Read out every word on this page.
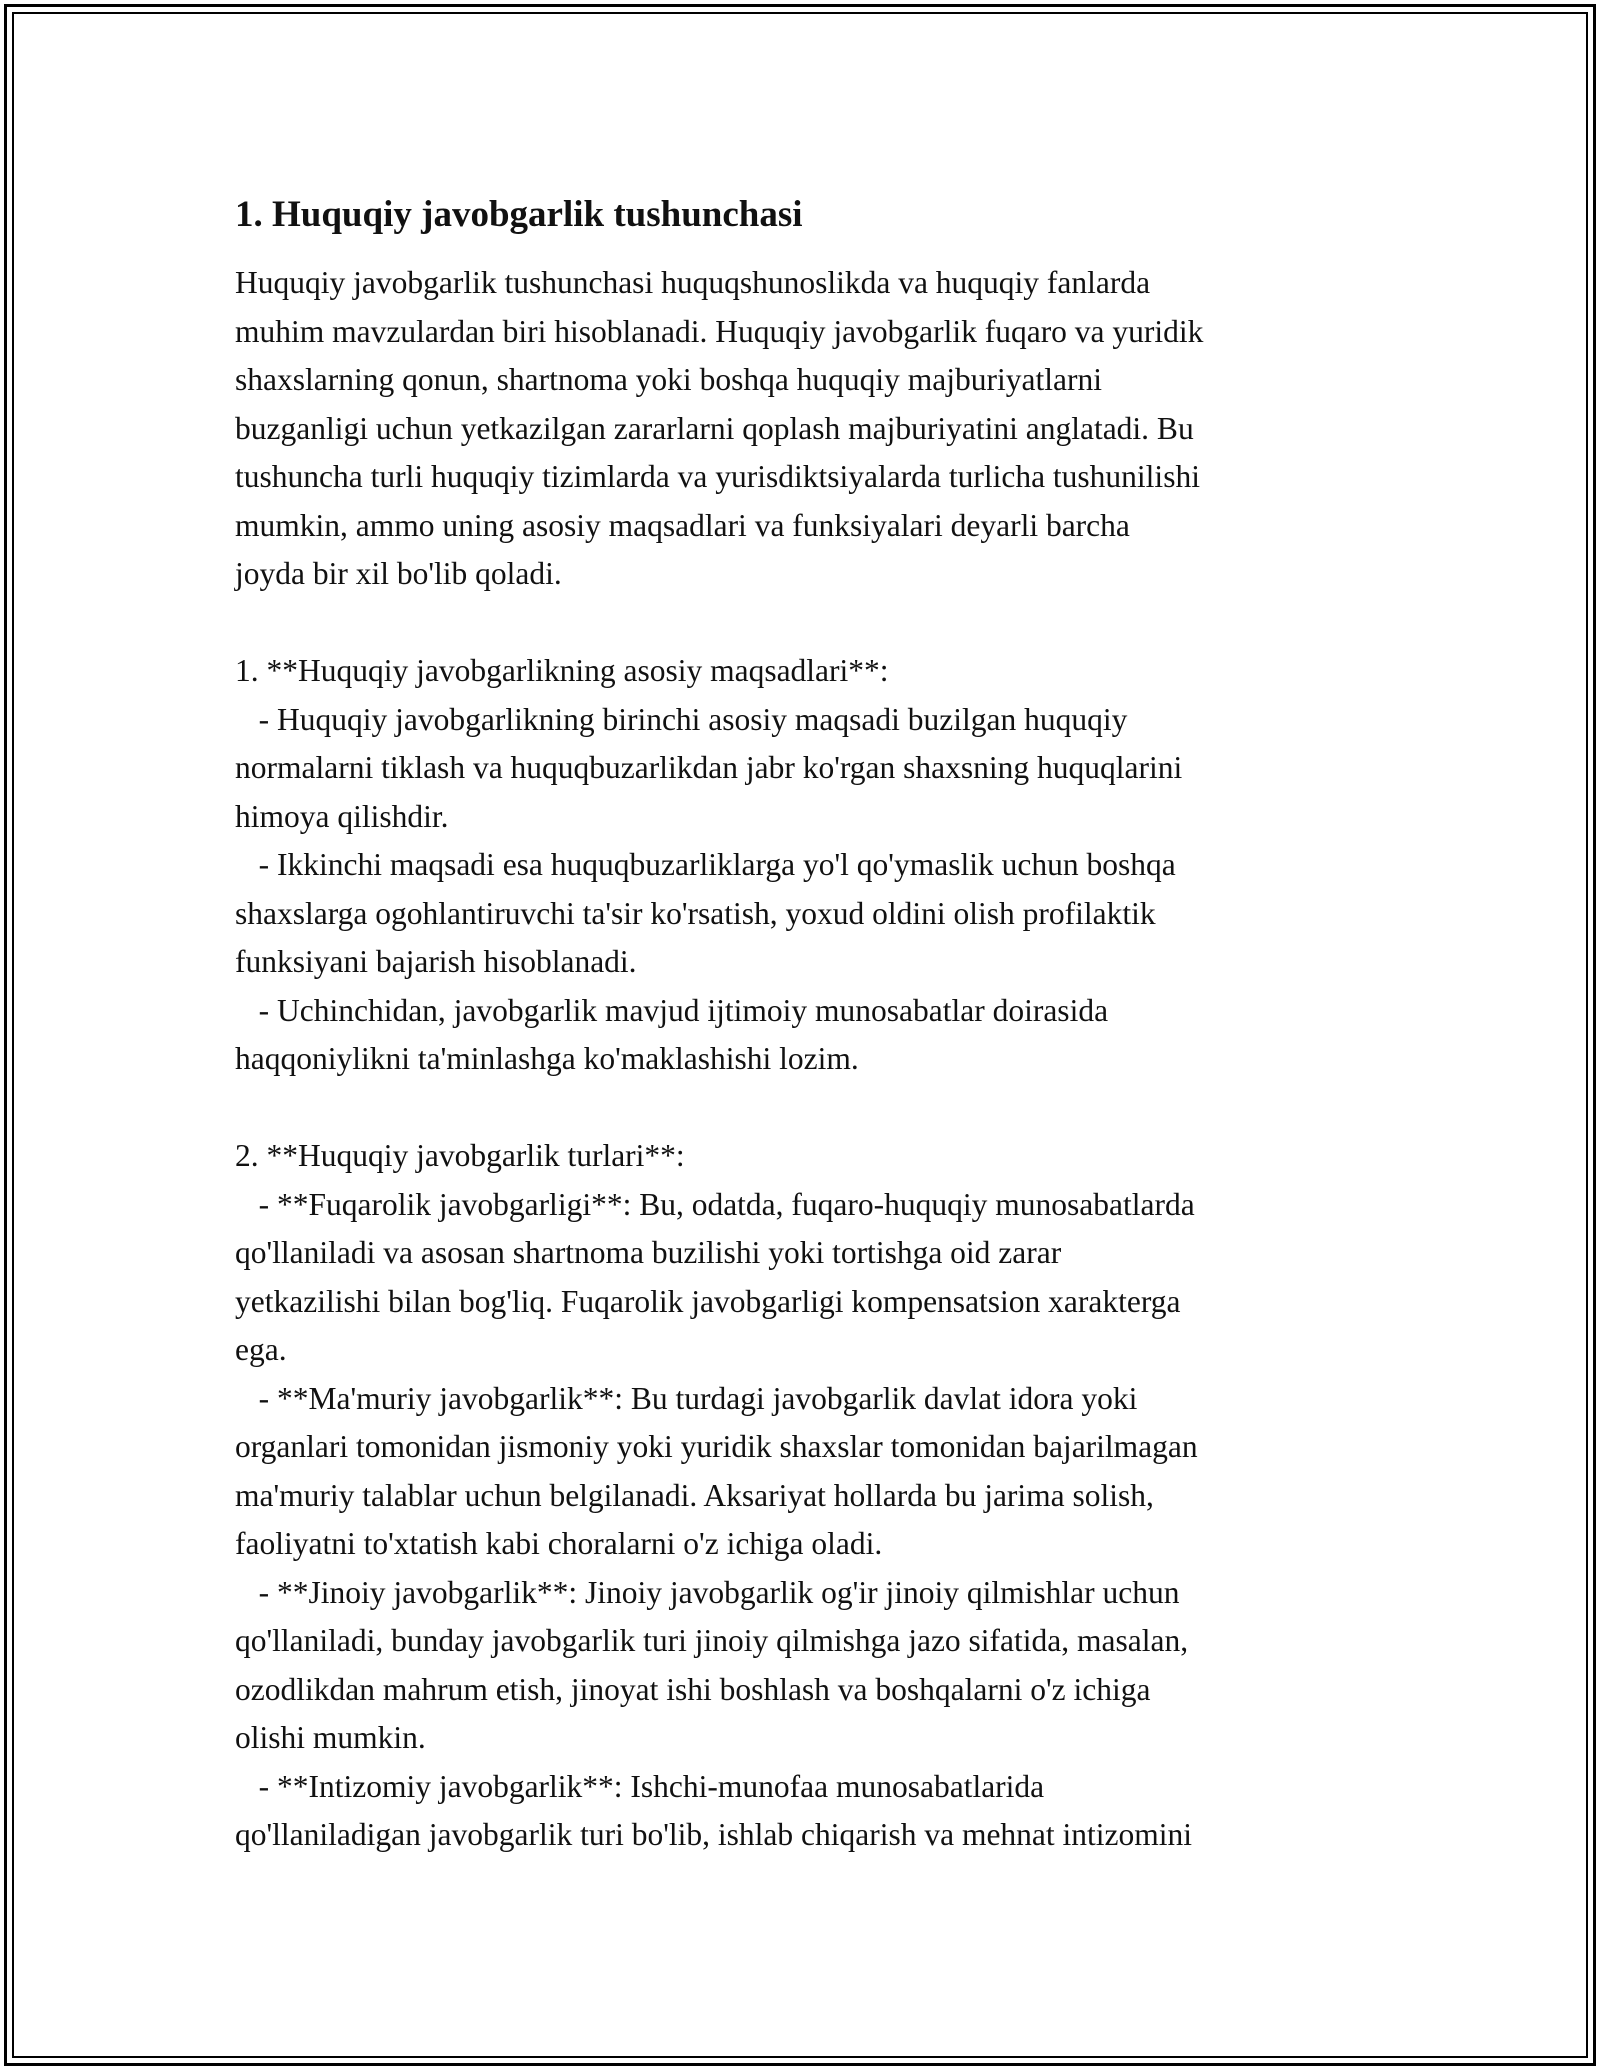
1. Huquqiy javobgarlik tushunchasi

Huquqiy javobgarlik tushunchasi huquqshunoslikda va huquqiy fanlarda
muhim mavzulardan biri hisoblanadi. Huquqiy javobgarlik fuqaro va yuridik
shaxslarning qonun, shartnoma yoki boshqa huquqiy majburiyatlarni
buzganligi uchun yetkazilgan zararlarni qoplash majburiyatini anglatadi. Bu
tushuncha turli huquqiy tizimlarda va yurisdiktsiyalarda turlicha tushunilishi
mumkin, ammo uning asosiy maqsadlari va funksiyalari deyarli barcha
joyda bir xil bo'lib qoladi.

1. **Huquqiy javobgarlikning asosiy maqsadlari**:
- Huquqiy javobgarlikning birinchi asosiy maqsadi buzilgan huquqiy
normalarni tiklash va huquqbuzarlikdan jabr ko'rgan shaxsning huquqlarini
himoya qilishdir.
- Ikkinchi maqsadi esa huquqbuzarliklarga yo'l qo'ymaslik uchun boshqa
shaxslarga ogohlantiruvchi ta'sir ko'rsatish, yoxud oldini olish profilaktik
funksiyani bajarish hisoblanadi.
- Uchinchidan, javobgarlik mavjud ijtimoiy munosabatlar doirasida
haqqoniylikni ta'minlashga ko'maklashishi lozim.

2. **Huquqiy javobgarlik turlari**:
- **Fuqarolik javobgarligi**: Bu, odatda, fuqaro-huquqiy munosabatlarda
qo'llaniladi va asosan shartnoma buzilishi yoki tortishga oid zarar
yetkazilishi bilan bog'liq. Fuqarolik javobgarligi kompensatsion xarakterga
ega.
- **Ma'muriy javobgarlik**: Bu turdagi javobgarlik davlat idora yoki
organlari tomonidan jismoniy yoki yuridik shaxslar tomonidan bajarilmagan
ma'muriy talablar uchun belgilanadi. Aksariyat hollarda bu jarima solish,
faoliyatni to'xtatish kabi choralarni o'z ichiga oladi.
- **Jinoiy javobgarlik**: Jinoiy javobgarlik og'ir jinoiy qilmishlar uchun
qo'llaniladi, bunday javobgarlik turi jinoiy qilmishga jazo sifatida, masalan,
ozodlikdan mahrum etish, jinoyat ishi boshlash va boshqalarni o'z ichiga
olishi mumkin.
- **Intizomiy javobgarlik**: Ishchi-munofaa munosabatlarida
qo'llaniladigan javobgarlik turi bo'lib, ishlab chiqarish va mehnat intizomini
